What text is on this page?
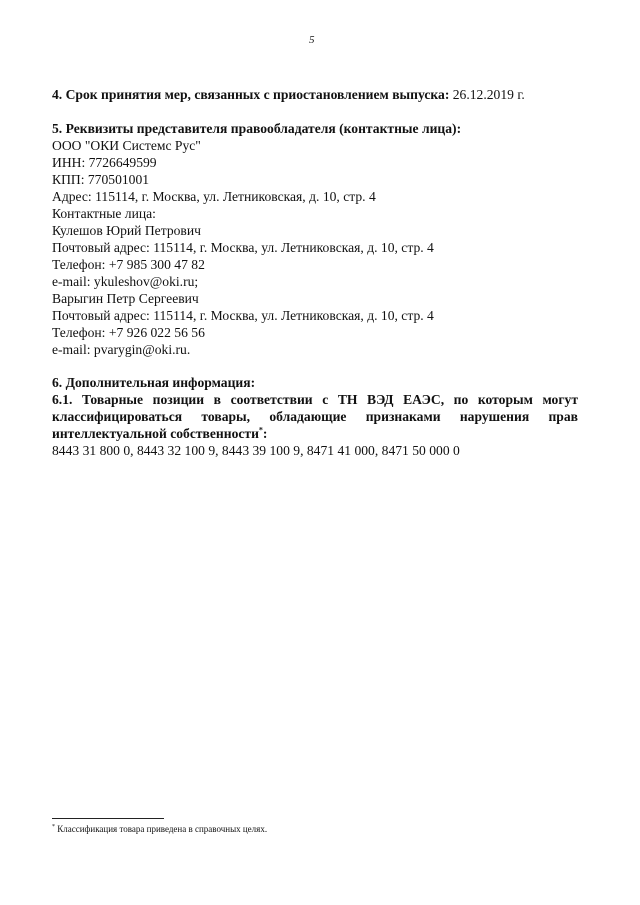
5
4. Срок принятия мер, связанных с приостановлением выпуска: 26.12.2019 г.
5. Реквизиты представителя правообладателя (контактные лица):
ООО "ОКИ Системс Рус"
ИНН: 7726649599
КПП: 770501001
Адрес: 115114, г. Москва, ул. Летниковская, д. 10, стр. 4
Контактные лица:
Кулешов Юрий Петрович
Почтовый адрес: 115114, г. Москва, ул. Летниковская, д. 10, стр. 4
Телефон: +7 985 300 47 82
e-mail: ykuleshov@oki.ru;
Варыгин Петр Сергеевич
Почтовый адрес: 115114, г. Москва, ул. Летниковская, д. 10, стр. 4
Телефон: +7 926 022 56 56
e-mail: pvarygin@oki.ru.
6. Дополнительная информация:
6.1. Товарные позиции в соответствии с ТН ВЭД ЕАЭС, по которым могут классифицироваться товары, обладающие признаками нарушения прав интеллектуальной собственности*:
8443 31 800 0, 8443 32 100 9, 8443 39 100 9, 8471 41 000, 8471 50 000 0
* Классификация товара приведена в справочных целях.
